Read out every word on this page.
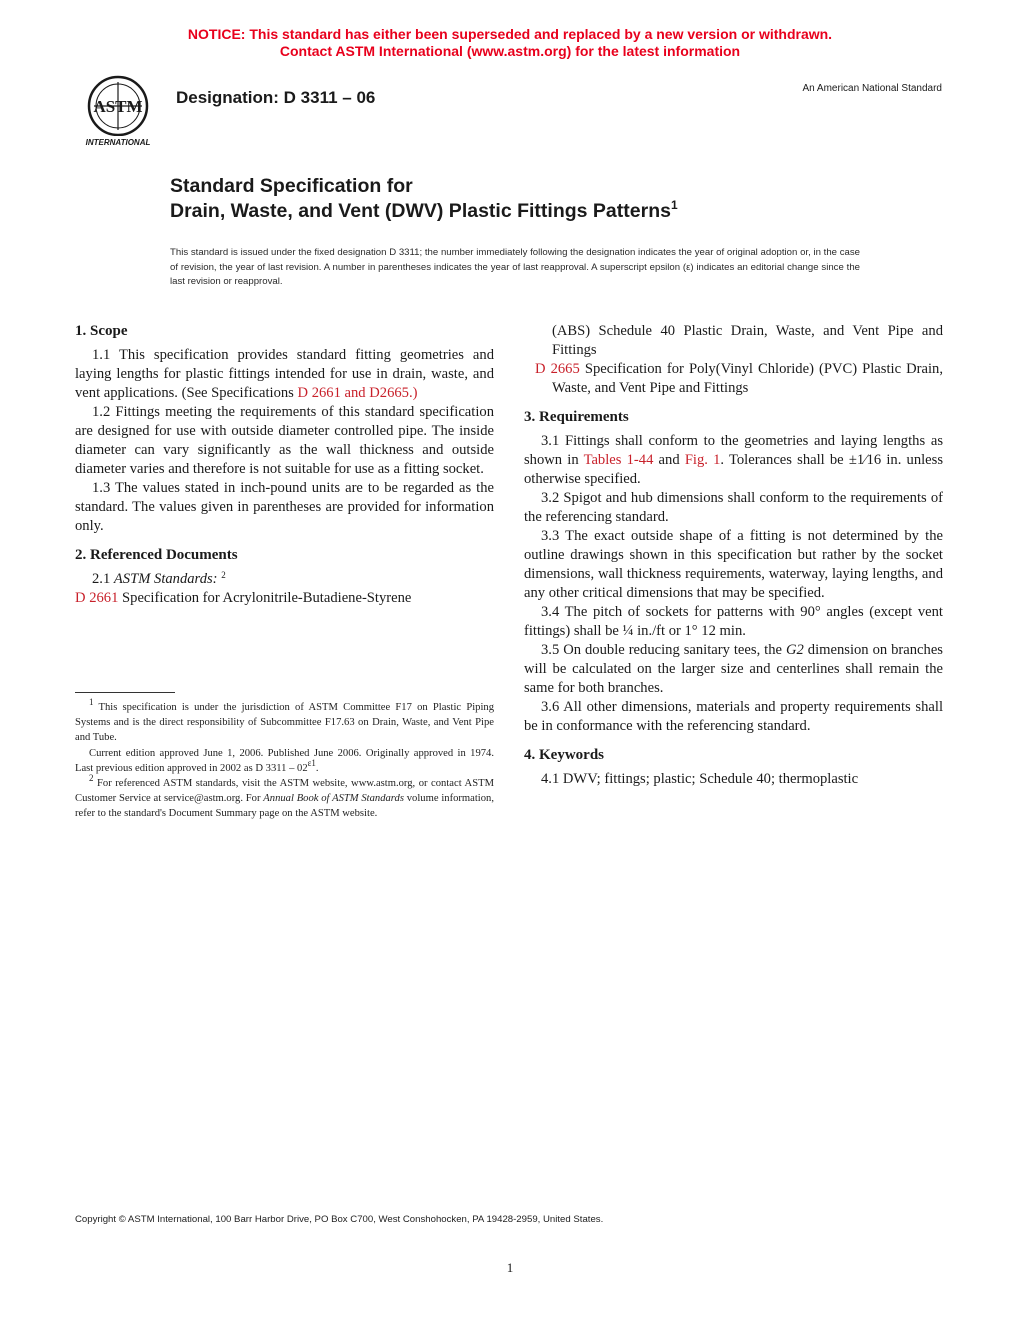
NOTICE: This standard has either been superseded and replaced by a new version or withdrawn.
Contact ASTM International (www.astm.org) for the latest information
ASTM
INTERNATIONAL
Designation: D 3311 – 06	An American National Standard
Standard Specification for
Drain, Waste, and Vent (DWV) Plastic Fittings Patterns$^1$
This standard is issued under the fixed designation D 3311; the number immediately following the designation indicates the year of original adoption or, in the case of revision, the year of last revision. A number in parentheses indicates the year of last reapproval. A superscript epsilon (ε) indicates an editorial change since the last revision or reapproval.
1. Scope

1.1 This specification provides standard fitting geometries and laying lengths for plastic fittings intended for use in drain, waste, and vent applications. (See Specifications D 2661 and D2665.)

1.2 Fittings meeting the requirements of this standard specification are designed for use with outside diameter controlled pipe. The inside diameter can vary significantly as the wall thickness and outside diameter varies and therefore is not suitable for use as a fitting socket.

1.3 The values stated in inch-pound units are to be regarded as the standard. The values given in parentheses are provided for information only.

2. Referenced Documents

2.1 ASTM Standards: $^2$

D 2661 Specification for Acrylonitrile-Butadiene-Styrene

(ABS) Schedule 40 Plastic Drain, Waste, and Vent Pipe and Fittings

D 2665 Specification for Poly(Vinyl Chloride) (PVC) Plastic Drain, Waste, and Vent Pipe and Fittings

3. Requirements

3.1 Fittings shall conform to the geometries and laying lengths as shown in Tables 1-44 and Fig. 1. Tolerances shall be ±1⁄16 in. unless otherwise specified.

3.2 Spigot and hub dimensions shall conform to the requirements of the referencing standard.

3.3 The exact outside shape of a fitting is not determined by the outline drawings shown in this specification but rather by the socket dimensions, wall thickness requirements, waterway, laying lengths, and any other critical dimensions that may be specified.

3.4 The pitch of sockets for patterns with 90° angles (except vent fittings) shall be ¼ in./ft or 1° 12 min.

3.5 On double reducing sanitary tees, the G2 dimension on branches will be calculated on the larger size and centerlines shall remain the same for both branches.

3.6 All other dimensions, materials and property requirements shall be in conformance with the referencing standard.

4. Keywords

4.1 DWV; fittings; plastic; Schedule 40; thermoplastic

$^1$ This specification is under the jurisdiction of ASTM Committee F17 on Plastic Piping Systems and is the direct responsibility of Subcommittee F17.63 on Drain, Waste, and Vent Pipe and Tube.

Current edition approved June 1, 2006. Published June 2006. Originally approved in 1974. Last previous edition approved in 2002 as D $3311 - 02^{\varepsilon 1}$.

$^2$ For referenced ASTM standards, visit the ASTM website, www.astm.org, or contact ASTM Customer Service at service@astm.org. For Annual Book of ASTM Standards volume information, refer to the standard's Document Summary page on the ASTM website.

Copyright © ASTM International, 100 Barr Harbor Drive, PO Box C700, West Conshohocken, PA 19428-2959, United States.
1
